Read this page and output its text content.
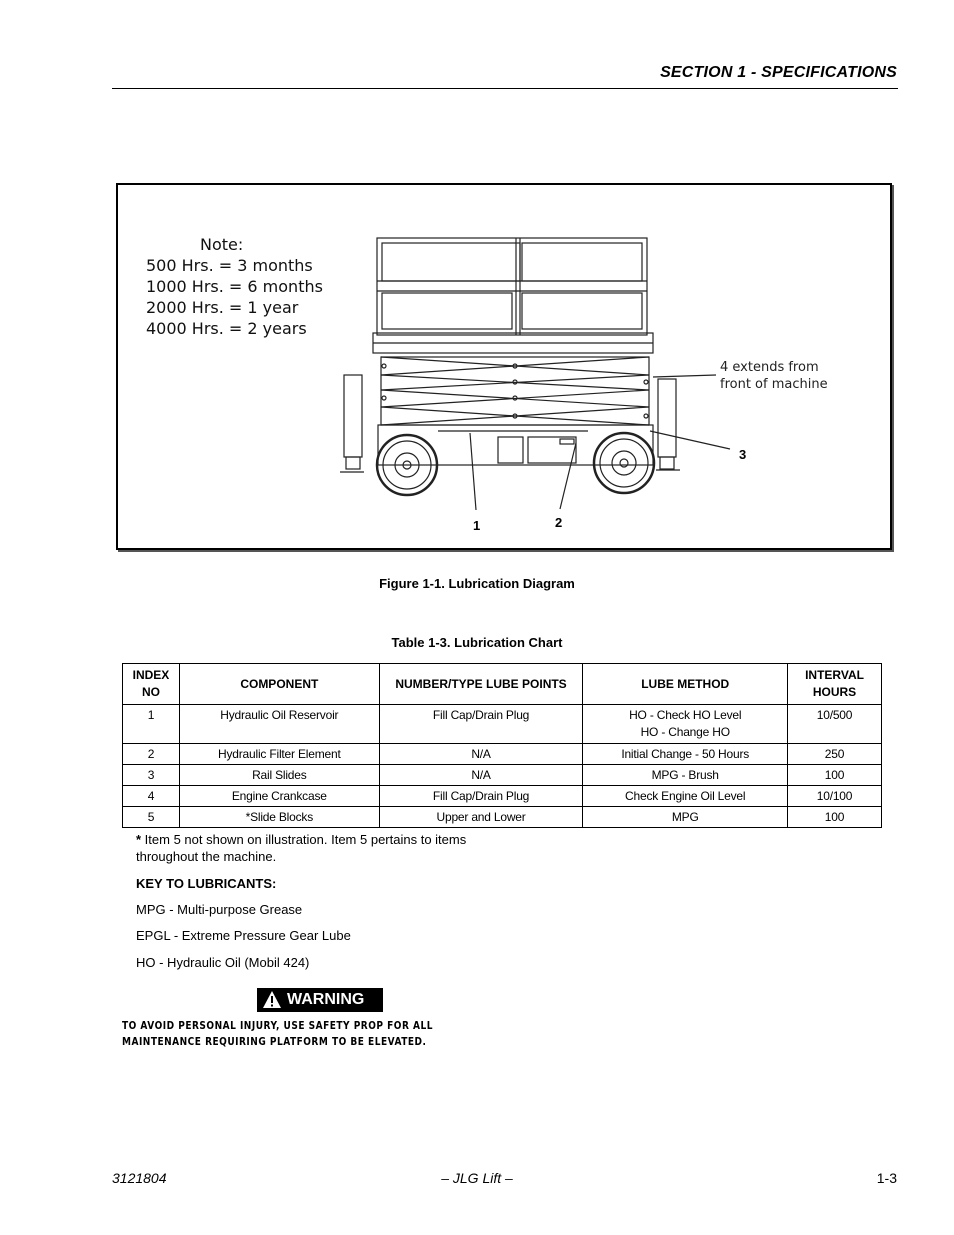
SECTION 1 - SPECIFICATIONS
Note:
500 Hrs. = 3 months
1000 Hrs. = 6 months
2000 Hrs. = 1 year
4000 Hrs. = 2 years
4 extends from
front of machine
3
1	2
Figure 1-1. Lubrication Diagram
Table 1-3. Lubrication Chart
INDEX
NO	COMPONENT	NUMBER/TYPE LUBE POINTS	LUBE METHOD	INTERVAL
HOURS
1	Hydraulic Oil Reservoir	Fill Cap/Drain Plug	HO - Check HO Level
HO - Change HO	10/500
2	Hydraulic Filter Element	N/A	Initial Change - 50 Hours	250
3	Rail Slides	N/A	MPG - Brush	100
4	Engine Crankcase	Fill Cap/Drain Plug	Check Engine Oil Level	10/100
5	*Slide Blocks	Upper and Lower	MPG	100
* Item 5 not shown on illustration. Item 5 pertains to items
throughout the machine.
KEY TO LUBRICANTS:
MPG - Multi-purpose Grease
EPGL - Extreme Pressure Gear Lube
HO - Hydraulic Oil (Mobil 424)
WARNING
TO AVOID PERSONAL INJURY, USE SAFETY PROP FOR ALL
MAINTENANCE REQUIRING PLATFORM TO BE ELEVATED.
3121804	– JLG Lift –	1-3
